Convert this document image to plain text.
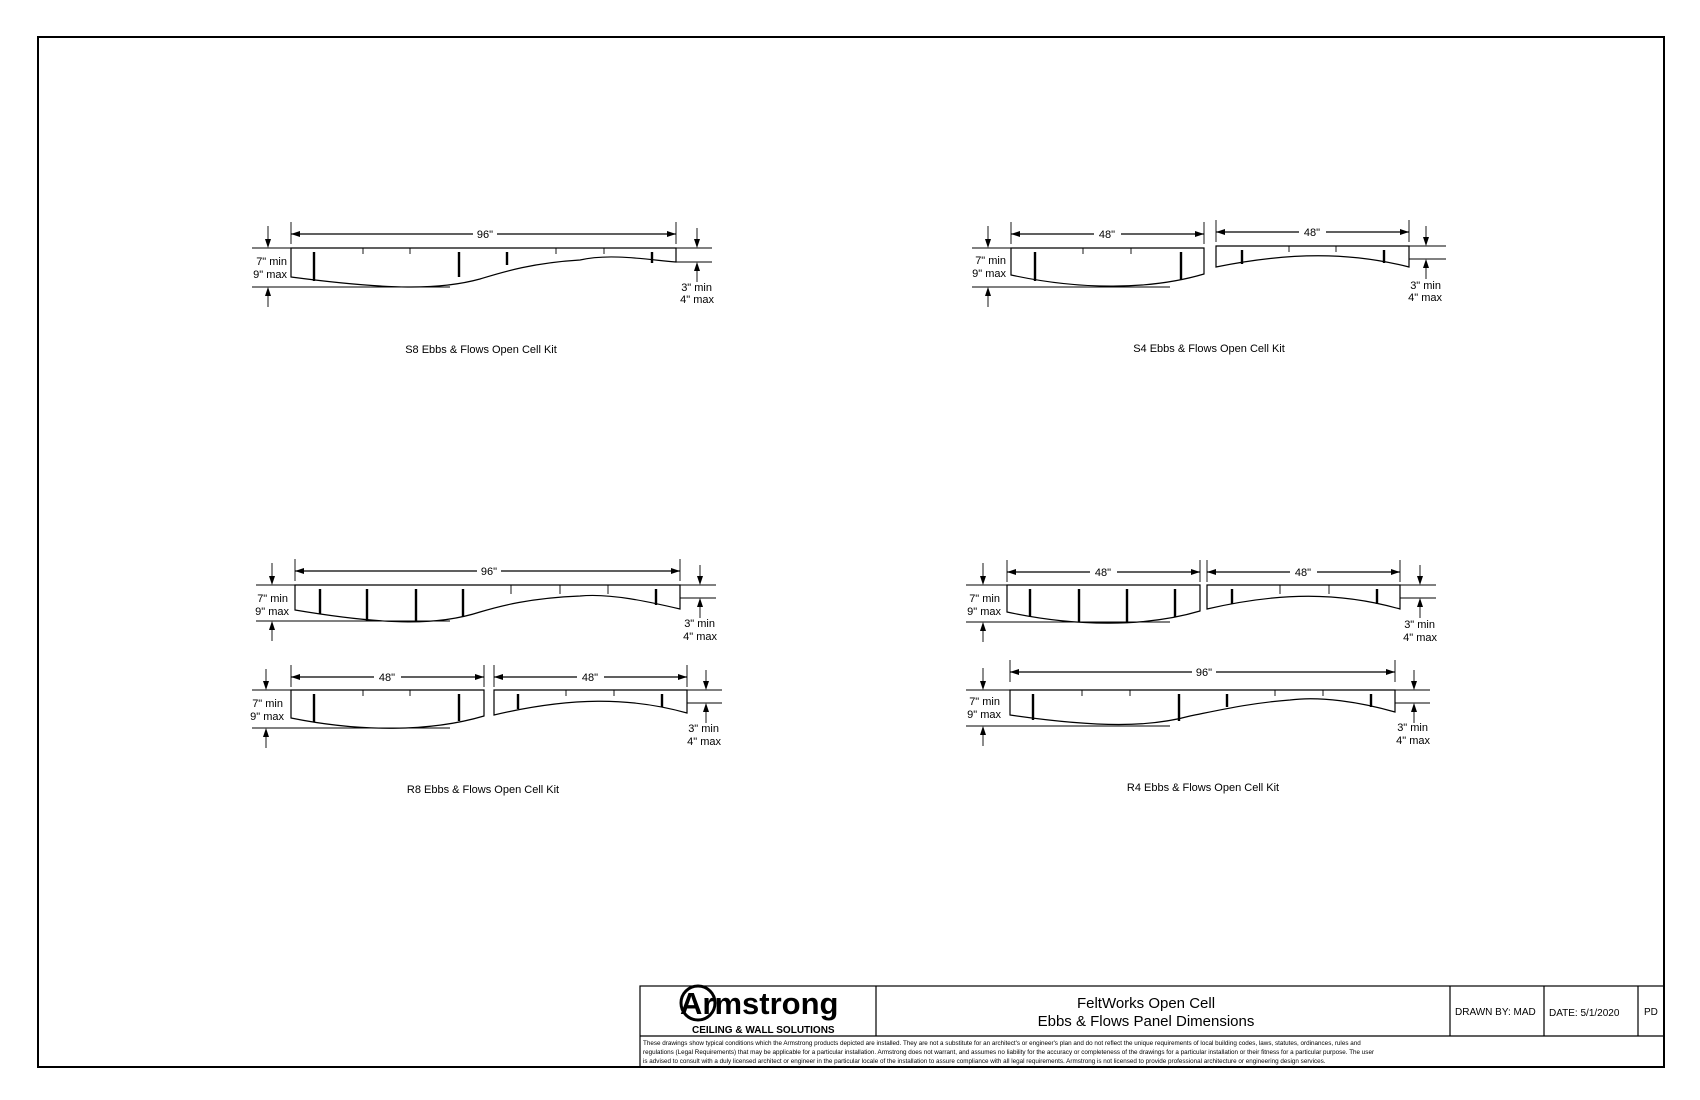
96"
7" min
9" max
3" min
4" max
S8 Ebbs & Flows Open Cell Kit
48"	48"
7" min
9" max
3" min
4" max
S4 Ebbs & Flows Open Cell Kit
96"
7" min
9" max
3" min
4" max
48"	48"
7" min
9" max
3" min
4" max
R8 Ebbs & Flows Open Cell Kit
48"	48"
7" min
9" max
3" min
4" max
96"
7" min
9" max
3" min
4" max
R4 Ebbs & Flows Open Cell Kit
Armstrong
CEILING & WALL SOLUTIONS
FeltWorks Open Cell
Ebbs & Flows Panel Dimensions
DRAWN BY: MAD DATE: 5/1/2020 PD
These drawings show typical conditions which the Armstrong products depicted are installed. They are not a substitute for an architect's or engineer's plan and do not reflect the unique requirements of local building codes, laws, statutes, ordinances, rules and
regulations (Legal Requirements) that may be applicable for a particular installation. Armstrong does not warrant, and assumes no liability for the accuracy or completeness of the drawings for a particular installation or their fitness for a particular purpose. The user
is advised to consult with a duly licensed architect or engineer in the particular locale of the installation to assure compliance with all legal requirements. Armstrong is not licensed to provide professional architecture or engineering design services.
